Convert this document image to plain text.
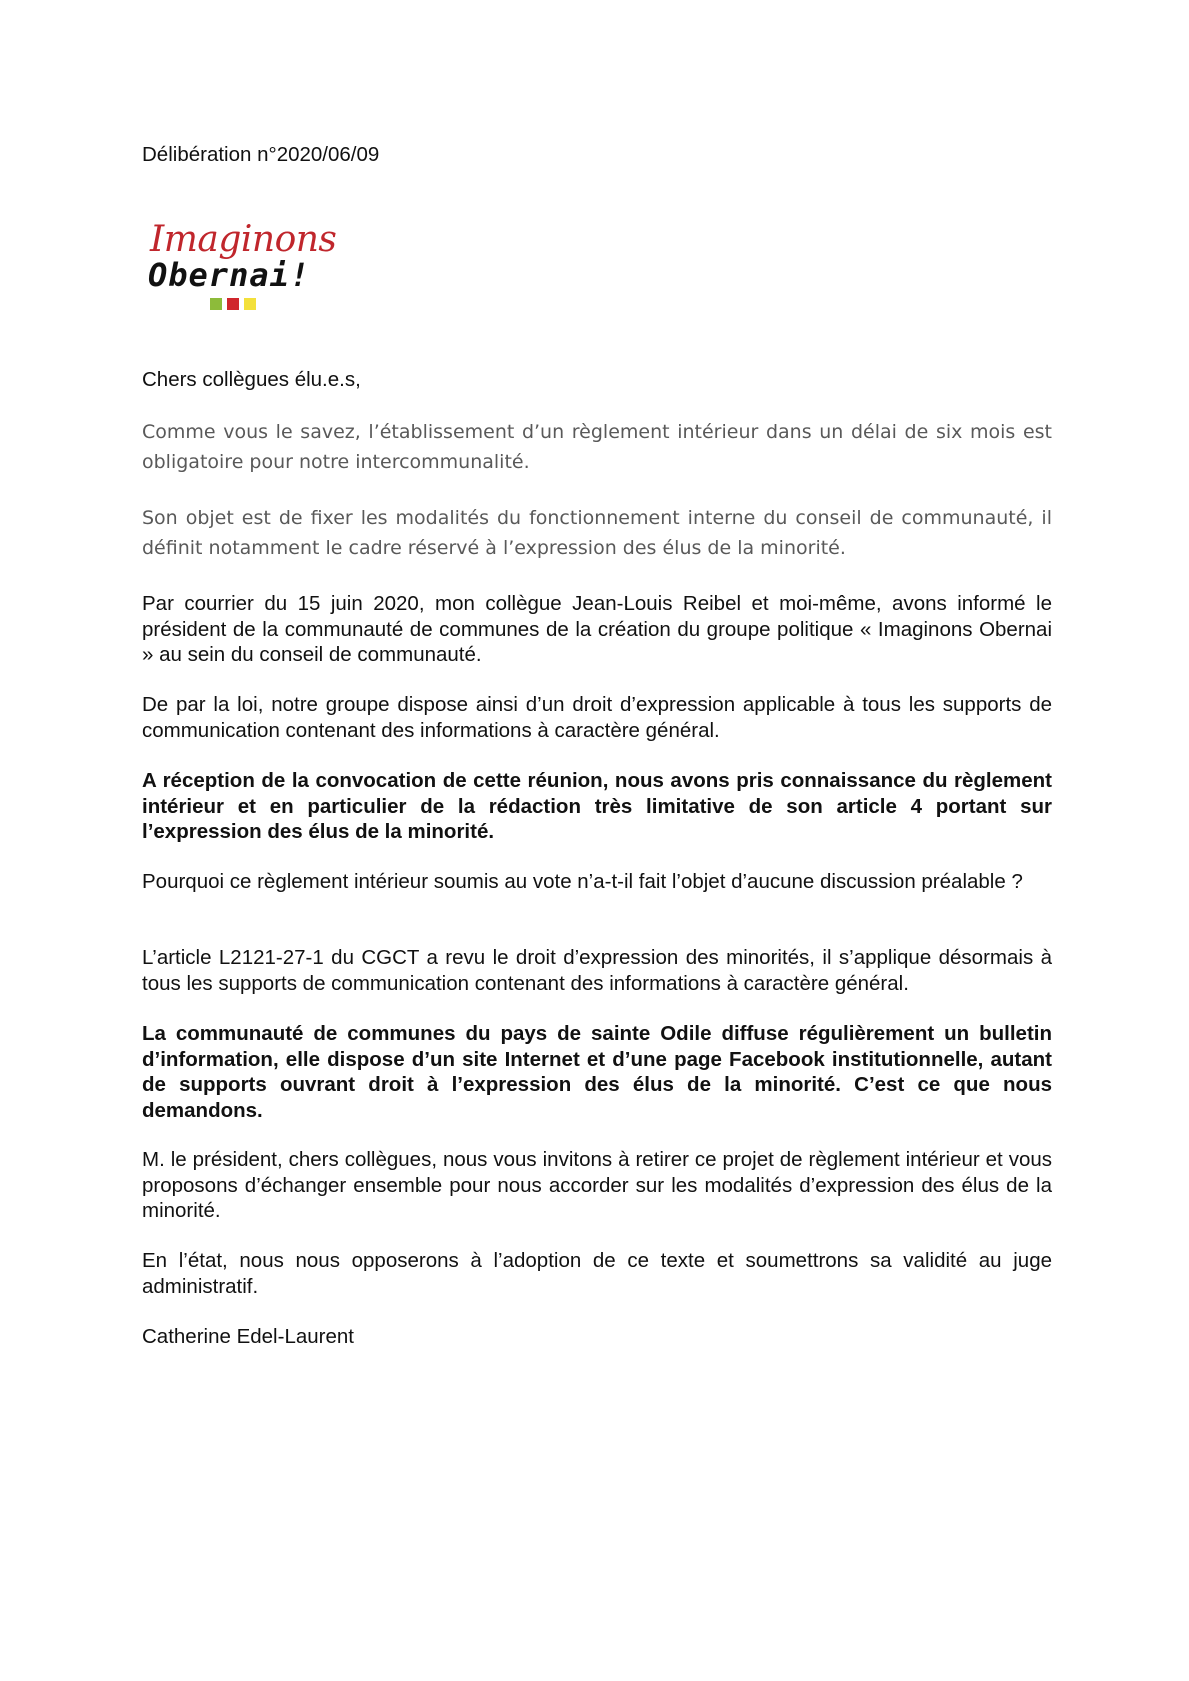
Délibération n°2020/06/09
Imaginons
Obernai!
Chers collègues élu.e.s,
Comme vous le savez, l’établissement d’un règlement intérieur dans un délai de six mois est obligatoire pour notre intercommunalité.
Son objet est de fixer les modalités du fonctionnement interne du conseil de communauté, il définit notamment le cadre réservé à l’expression des élus de la minorité.
Par courrier du 15 juin 2020, mon collègue Jean-Louis Reibel et moi-même, avons informé le président de la communauté de communes de la création du groupe politique « Imaginons Obernai » au sein du conseil de communauté.
De par la loi, notre groupe dispose ainsi d’un droit d’expression applicable à tous les supports de communication contenant des informations à caractère général.
A réception de la convocation de cette réunion, nous avons pris connaissance du règlement intérieur et en particulier de la rédaction très limitative de son article 4 portant sur l’expression des élus de la minorité.
Pourquoi ce règlement intérieur soumis au vote n’a-t-il fait l’objet d’aucune discussion préalable ?
L’article L2121-27-1 du CGCT a revu le droit d’expression des minorités, il s’applique désormais à tous les supports de communication contenant des informations à caractère général.
La communauté de communes du pays de sainte Odile diffuse régulièrement un bulletin d’information, elle dispose d’un site Internet et d’une page Facebook institutionnelle, autant de supports ouvrant droit à l’expression des élus de la minorité. C’est ce que nous demandons.
M. le président, chers collègues, nous vous invitons à retirer ce projet de règlement intérieur et vous proposons d’échanger ensemble pour nous accorder sur les modalités d’expression des élus de la minorité.
En l’état, nous nous opposerons à l’adoption de ce texte et soumettrons sa validité au juge administratif.
Catherine Edel-Laurent
